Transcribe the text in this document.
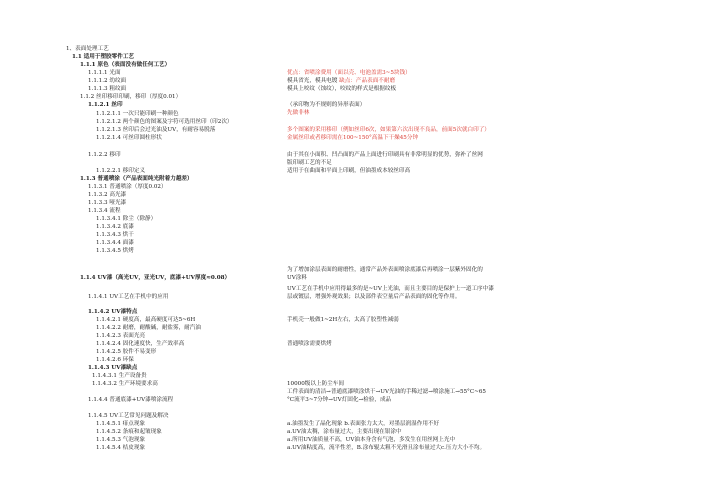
1、表面处理工艺
1.1 适用于塑胶零件工艺
1.1.1 原色（表面没有做任何工艺）
1.1.1.1 光面
1.1.1.2 幼纹面
1.1.1.3 粗纹面
1.1.2 丝印移印印刷，移印（厚度0.01）
1.1.2.1 丝印
1.1.2.1.1 一次只能印刷一种颜色
1.1.2.1.2 两个颜色的图案及字符可选用丝印（印2次）
1.1.2.1.3 丝印后会过光油及UV，有耐容易脱落
1.1.2.1.4 可丝印圆柱形状
1.1.2.2 移印
1.1.2.2.1 移印定义
1.1.3 普通喷涂（产品表面纯光附着力越差）
1.1.3.1 普通喷涂（厚度0.02）
1.1.3.2 高光漆
1.1.3.3 哑光漆
1.1.3.4 流程
1.1.3.4.1 除尘（除静）
1.1.3.4.2 底漆
1.1.3.4.3 烘干
1.1.3.4.4 面漆
1.1.3.4.5 烘烤
1.1.4 UV漆（高光UV，亚光UV，底漆+UV厚度≈0.08）
1.1.4.1 UV工艺在手机中的应用
1.1.4.2 UV漆特点
1.1.4.2.1 硬度高，最高硬度可达5~6H
1.1.4.2.2 耐磨，耐酸碱，耐盐雾，耐汽油
1.1.4.2.3 表面光亮
1.1.4.2.4 固化速度快，生产效率高
1.1.4.2.5 胶件不易变形
1.1.4.2.6 环保
1.1.4.3 UV漆缺点
1.1.4.3.1 生产设备贵
1.1.4.3.2 生产环境要求高
1.1.4.4 普通底漆+UV漆喷涂流程
1.1.4.5 UV工艺常见问题及解决
1.1.4.5.1 痱点现象
1.1.4.5.2 条痕和起皱现象
1.1.4.5.3 气泡现象
1.1.4.5.4 桔皮现象
优点：省喷涂费用（面以壳、电池盖需3~5块钱）
模具省光，模具电镀 缺点：产品表面不耐磨
模具上咬纹（蚀纹），咬纹的样式是根据纹板
（承印物为不规则的异形表面）
先做非林
多个图案的采用移印（例如丝印6次，如果第六次出现不良品，前面5次就白印了）
金属丝印或者移印需在100~150°高温下干燥45分钟
由于其在小面积、凹凸面的产品上面进行印刷具有非常明显的优势，弥补了丝网
版印刷工艺的不足
适用于在曲面和平面上印刷，但油墨成本较丝印高
为了增加涂层表面的耐磨性，通常产品外表面喷涂底漆后再喷涂一层紫外固化的
UV涂料
UV工艺在手机中应用得最多的是~UV上光油，而且主要目的是保护上一道工序中漆
层或镀层，增强外观效果；以及部件表空量后产品表面的固化等作用。
手机壳一般做1~2H左右，太高了胶塑性减弱
普通喷涂需要烘烤
10000级以上防尘车间
工件表面的清洁→普通底漆喷涂烘干→UV光油的手稀过滤→喷涂施工→55°C~65
°C流平3~7分钟→UV灯固化→检验，成品
a.油墨发生了晶化现象 b.表面张力太大，对墨层润湿作用不好
a.UV油太稠，涂布量过大，主要出现在银涂中
a.所用UV油质量不高，UV油本身含有气泡，多发生在用丝网上光中
a.UV油粘度高，流平性差，B.涂布辊太粗不光滑且涂布量过大c.压力大小不均。
